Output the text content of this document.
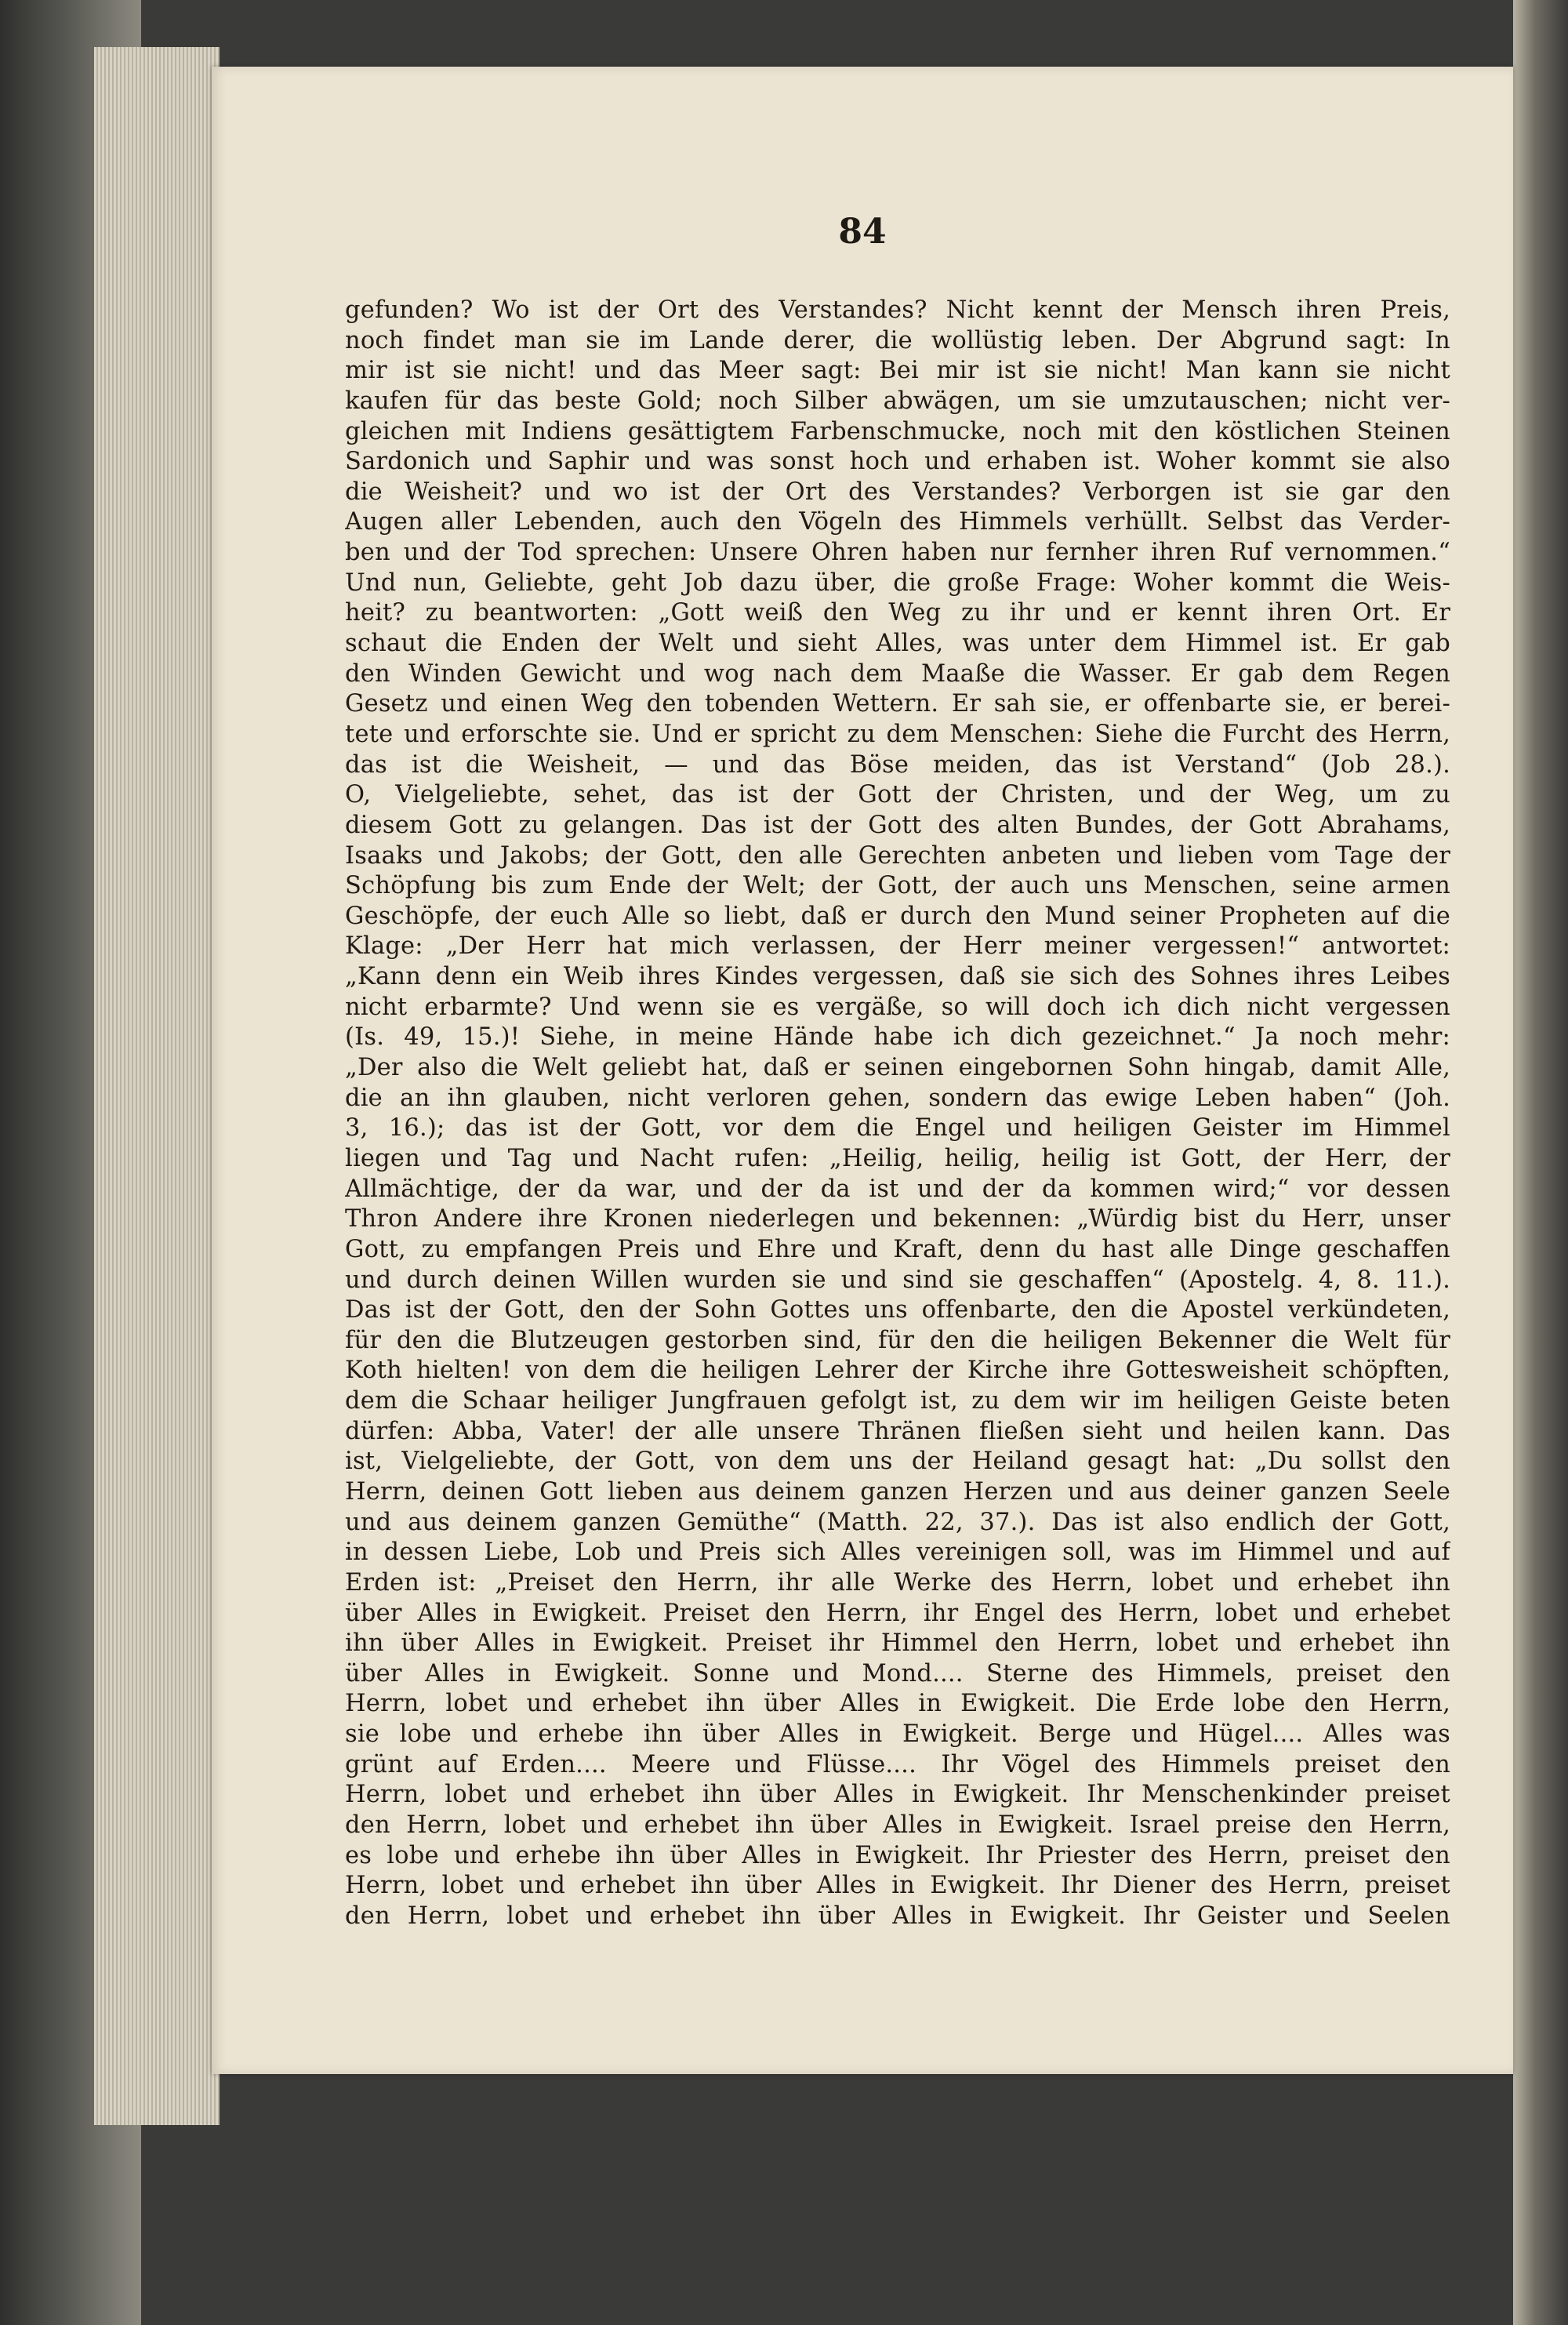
84
gefunden? Wo ist der Ort des Verstandes? Nicht kennt der Mensch ihren Preis,
noch findet man sie im Lande derer, die wollüstig leben. Der Abgrund sagt: In
mir ist sie nicht! und das Meer sagt: Bei mir ist sie nicht! Man kann sie nicht
kaufen für das beste Gold; noch Silber abwägen, um sie umzutauschen; nicht ver-
gleichen mit Indiens gesättigtem Farbenschmucke, noch mit den köstlichen Steinen
Sardonich und Saphir und was sonst hoch und erhaben ist. Woher kommt sie also
die Weisheit? und wo ist der Ort des Verstandes? Verborgen ist sie gar den
Augen aller Lebenden, auch den Vögeln des Himmels verhüllt. Selbst das Verder-
ben und der Tod sprechen: Unsere Ohren haben nur fernher ihren Ruf vernommen.“
Und nun, Geliebte, geht Job dazu über, die große Frage: Woher kommt die Weis-
heit? zu beantworten: „Gott weiß den Weg zu ihr und er kennt ihren Ort. Er
schaut die Enden der Welt und sieht Alles, was unter dem Himmel ist. Er gab
den Winden Gewicht und wog nach dem Maaße die Wasser. Er gab dem Regen
Gesetz und einen Weg den tobenden Wettern. Er sah sie, er offenbarte sie, er berei-
tete und erforschte sie. Und er spricht zu dem Menschen: Siehe die Furcht des Herrn,
das ist die Weisheit, — und das Böse meiden, das ist Verstand“ (Job 28.).
O, Vielgeliebte, sehet, das ist der Gott der Christen, und der Weg, um zu
diesem Gott zu gelangen. Das ist der Gott des alten Bundes, der Gott Abrahams,
Isaaks und Jakobs; der Gott, den alle Gerechten anbeten und lieben vom Tage der
Schöpfung bis zum Ende der Welt; der Gott, der auch uns Menschen, seine armen
Geschöpfe, der euch Alle so liebt, daß er durch den Mund seiner Propheten auf die
Klage: „Der Herr hat mich verlassen, der Herr meiner vergessen!“ antwortet:
„Kann denn ein Weib ihres Kindes vergessen, daß sie sich des Sohnes ihres Leibes
nicht erbarmte? Und wenn sie es vergäße, so will doch ich dich nicht vergessen
(Is. 49, 15.)! Siehe, in meine Hände habe ich dich gezeichnet.“ Ja noch mehr:
„Der also die Welt geliebt hat, daß er seinen eingebornen Sohn hingab, damit Alle,
die an ihn glauben, nicht verloren gehen, sondern das ewige Leben haben“ (Joh.
3, 16.); das ist der Gott, vor dem die Engel und heiligen Geister im Himmel
liegen und Tag und Nacht rufen: „Heilig, heilig, heilig ist Gott, der Herr, der
Allmächtige, der da war, und der da ist und der da kommen wird;“ vor dessen
Thron Andere ihre Kronen niederlegen und bekennen: „Würdig bist du Herr, unser
Gott, zu empfangen Preis und Ehre und Kraft, denn du hast alle Dinge geschaffen
und durch deinen Willen wurden sie und sind sie geschaffen“ (Apostelg. 4, 8. 11.).
Das ist der Gott, den der Sohn Gottes uns offenbarte, den die Apostel verkündeten,
für den die Blutzeugen gestorben sind, für den die heiligen Bekenner die Welt für
Koth hielten! von dem die heiligen Lehrer der Kirche ihre Gottesweisheit schöpften,
dem die Schaar heiliger Jungfrauen gefolgt ist, zu dem wir im heiligen Geiste beten
dürfen: Abba, Vater! der alle unsere Thränen fließen sieht und heilen kann. Das
ist, Vielgeliebte, der Gott, von dem uns der Heiland gesagt hat: „Du sollst den
Herrn, deinen Gott lieben aus deinem ganzen Herzen und aus deiner ganzen Seele
und aus deinem ganzen Gemüthe“ (Matth. 22, 37.). Das ist also endlich der Gott,
in dessen Liebe, Lob und Preis sich Alles vereinigen soll, was im Himmel und auf
Erden ist: „Preiset den Herrn, ihr alle Werke des Herrn, lobet und erhebet ihn
über Alles in Ewigkeit. Preiset den Herrn, ihr Engel des Herrn, lobet und erhebet
ihn über Alles in Ewigkeit. Preiset ihr Himmel den Herrn, lobet und erhebet ihn
über Alles in Ewigkeit. Sonne und Mond.... Sterne des Himmels, preiset den
Herrn, lobet und erhebet ihn über Alles in Ewigkeit. Die Erde lobe den Herrn,
sie lobe und erhebe ihn über Alles in Ewigkeit. Berge und Hügel.... Alles was
grünt auf Erden.... Meere und Flüsse.... Ihr Vögel des Himmels preiset den
Herrn, lobet und erhebet ihn über Alles in Ewigkeit. Ihr Menschenkinder preiset
den Herrn, lobet und erhebet ihn über Alles in Ewigkeit. Israel preise den Herrn,
es lobe und erhebe ihn über Alles in Ewigkeit. Ihr Priester des Herrn, preiset den
Herrn, lobet und erhebet ihn über Alles in Ewigkeit. Ihr Diener des Herrn, preiset
den Herrn, lobet und erhebet ihn über Alles in Ewigkeit. Ihr Geister und Seelen
